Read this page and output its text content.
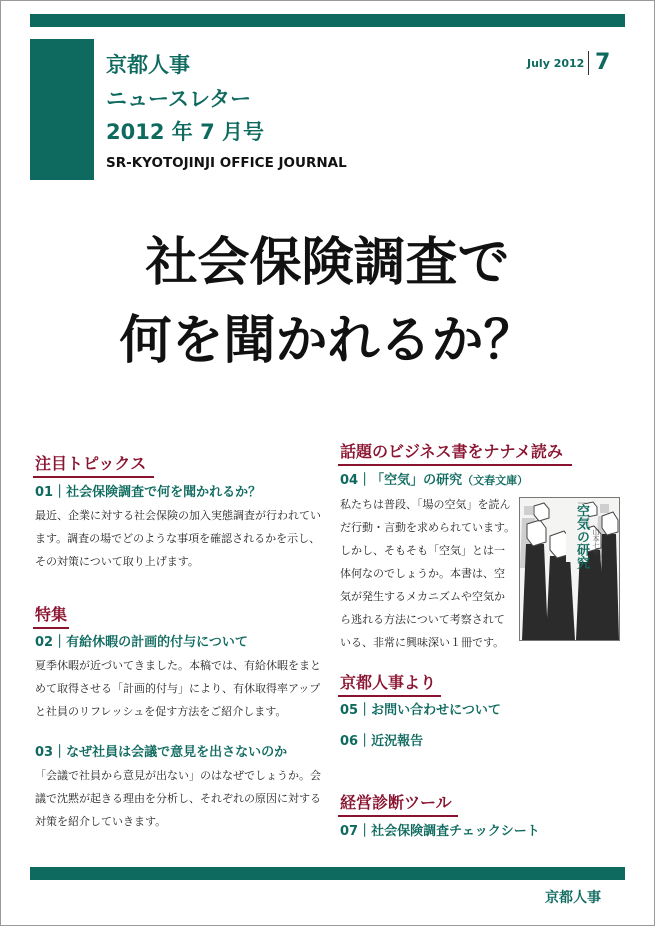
京都人事
ニュースレター
2012 年 7 月号
SR-KYOTOJINJI OFFICE JOURNAL
July 2012 7
社会保険調査で
何を聞かれるか？
注目トピックス
01｜社会保険調査で何を聞かれるか？
最近、企業に対する社会保険の加入実態調査が行われてい
ます。調査の場でどのような事項を確認されるかを示し、
その対策について取り上げます。
特集
02｜有給休暇の計画的付与について
夏季休暇が近づいてきました。本稿では、有給休暇をまと
めて取得させる「計画的付与」により、有休取得率アップ
と社員のリフレッシュを促す方法をご紹介します。
03｜なぜ社員は会議で意見を出さないのか
「会議で社員から意見が出ない」のはなぜでしょうか。会
議で沈黙が起きる理由を分析し、それぞれの原因に対する
対策を紹介していきます。
話題のビジネス書をナナメ読み
04｜「空気」の研究（文春文庫）
私たちは普段、「場の空気」を読ん
だ行動・言動を求められています。
しかし、そもそも「空気」とは一
体何なのでしょうか。本書は、空
気が発生するメカニズムや空気か
ら逃れる方法について考察されて
いる、非常に興味深い１冊です。
空気の研究 山本七平
京都人事より
05｜お問い合わせについて
06｜近況報告
経営診断ツール
07｜社会保険調査チェックシート
京都人事
